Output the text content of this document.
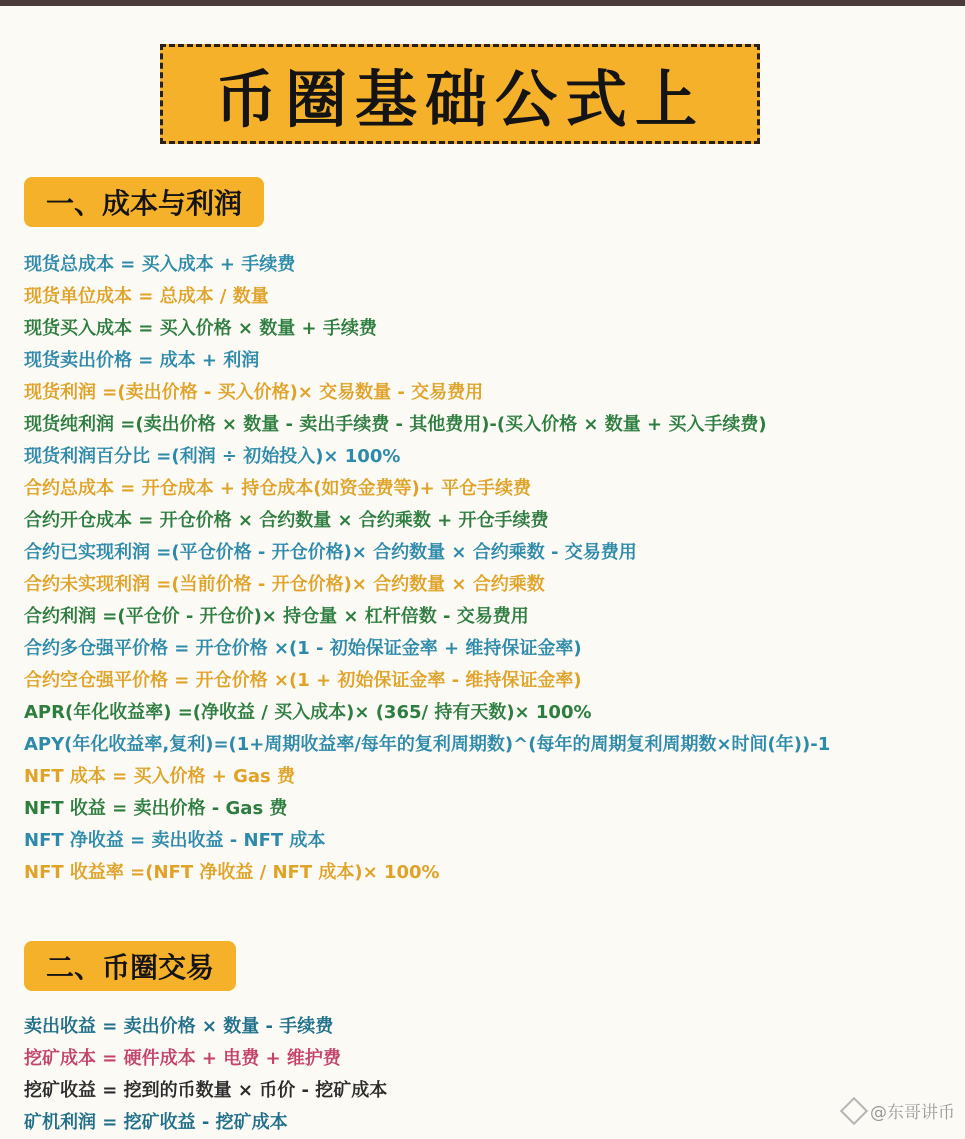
币圈基础公式上
一、成本与利润
现货总成本 = 买入成本 + 手续费
现货单位成本 = 总成本 / 数量
现货买入成本 = 买入价格 × 数量 + 手续费
现货卖出价格 = 成本 + 利润
现货利润 =(卖出价格 - 买入价格)× 交易数量 - 交易费用
现货纯利润 =(卖出价格 × 数量 - 卖出手续费 - 其他费用)-(买入价格 × 数量 + 买入手续费)
现货利润百分比 =(利润 ÷ 初始投入)× 100%
合约总成本 = 开仓成本 + 持仓成本(如资金费等)+ 平仓手续费
合约开仓成本 = 开仓价格 × 合约数量 × 合约乘数 + 开仓手续费
合约已实现利润 =(平仓价格 - 开仓价格)× 合约数量 × 合约乘数 - 交易费用
合约未实现利润 =(当前价格 - 开仓价格)× 合约数量 × 合约乘数
合约利润 =(平仓价 - 开仓价)× 持仓量 × 杠杆倍数 - 交易费用
合约多仓强平价格 = 开仓价格 ×(1 - 初始保证金率 + 维持保证金率)
合约空仓强平价格 = 开仓价格 ×(1 + 初始保证金率 - 维持保证金率)
APR(年化收益率) =(净收益 / 买入成本)× (365/ 持有天数)× 100%
APY(年化收益率,复利)=(1+周期收益率/每年的复利周期数)^(每年的周期复利周期数×时间(年))-1
NFT 成本 = 买入价格 + Gas 费
NFT 收益 = 卖出价格 - Gas 费
NFT 净收益 = 卖出收益 - NFT 成本
NFT 收益率 =(NFT 净收益 / NFT 成本)× 100%
二、币圈交易
卖出收益 = 卖出价格 × 数量 - 手续费
挖矿成本 = 硬件成本 + 电费 + 维护费
挖矿收益 = 挖到的币数量 × 币价 - 挖矿成本
矿机利润 = 挖矿收益 - 挖矿成本	@东哥讲币
